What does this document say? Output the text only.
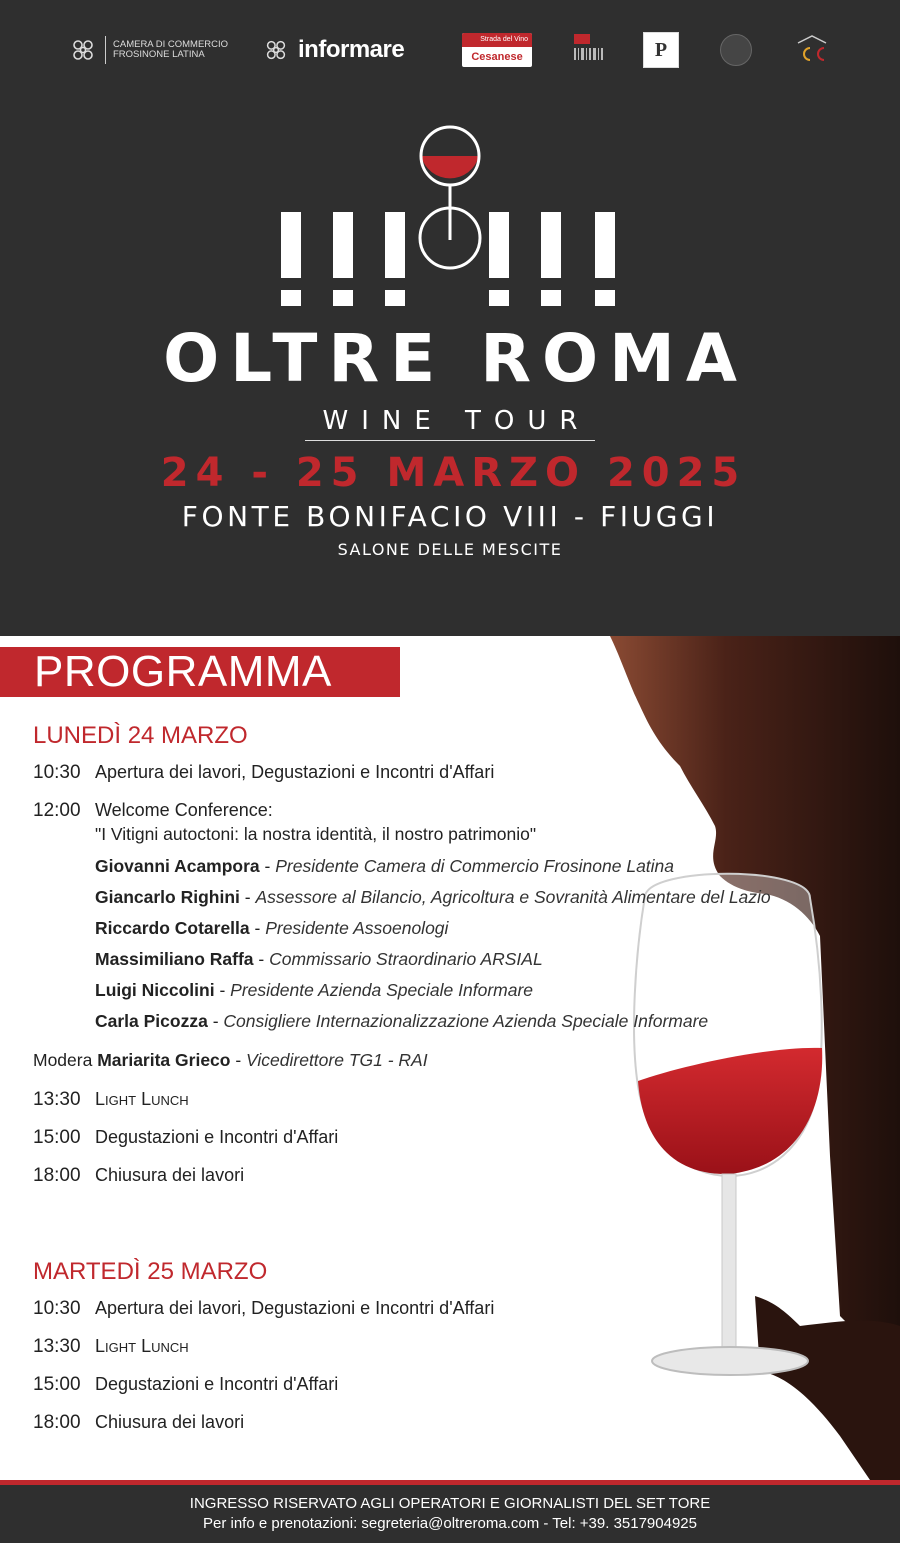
CAMERA DI COMMERCIO
FROSINONE LATINA	informare	Strada del Vino
Cesanese	P
OLTRE ROMA
WINE TOUR
24 - 25 MARZO 2025
FONTE BONIFACIO VIII - FIUGGI
SALONE DELLE MESCITE
PROGRAMMA
LUNEDÌ 24 MARZO
10:30 Apertura dei lavori, Degustazioni e Incontri d'Affari
12:00 Welcome Conference:
"I Vitigni autoctoni: la nostra identità, il nostro patrimonio"
Giovanni Acampora - Presidente Camera di Commercio Frosinone Latina
Giancarlo Righini - Assessore al Bilancio, Agricoltura e Sovranità Alimentare del Lazio
Riccardo Cotarella - Presidente Assoenologi
Massimiliano Raffa - Commissario Straordinario ARSIAL
Luigi Niccolini - Presidente Azienda Speciale Informare
Carla Picozza - Consigliere Internazionalizzazione Azienda Speciale Informare
Modera Mariarita Grieco - Vicedirettore TG1 - RAI
13:30 Light Lunch
15:00 Degustazioni e Incontri d'Affari
18:00 Chiusura dei lavori
MARTEDÌ 25 MARZO
10:30 Apertura dei lavori, Degustazioni e Incontri d'Affari
13:30 Light Lunch
15:00 Degustazioni e Incontri d'Affari
18:00 Chiusura dei lavori
INGRESSO RISERVATO AGLI OPERATORI E GIORNALISTI DEL SET TORE
Per info e prenotazioni: segreteria@oltreroma.com - Tel: +39. 3517904925
